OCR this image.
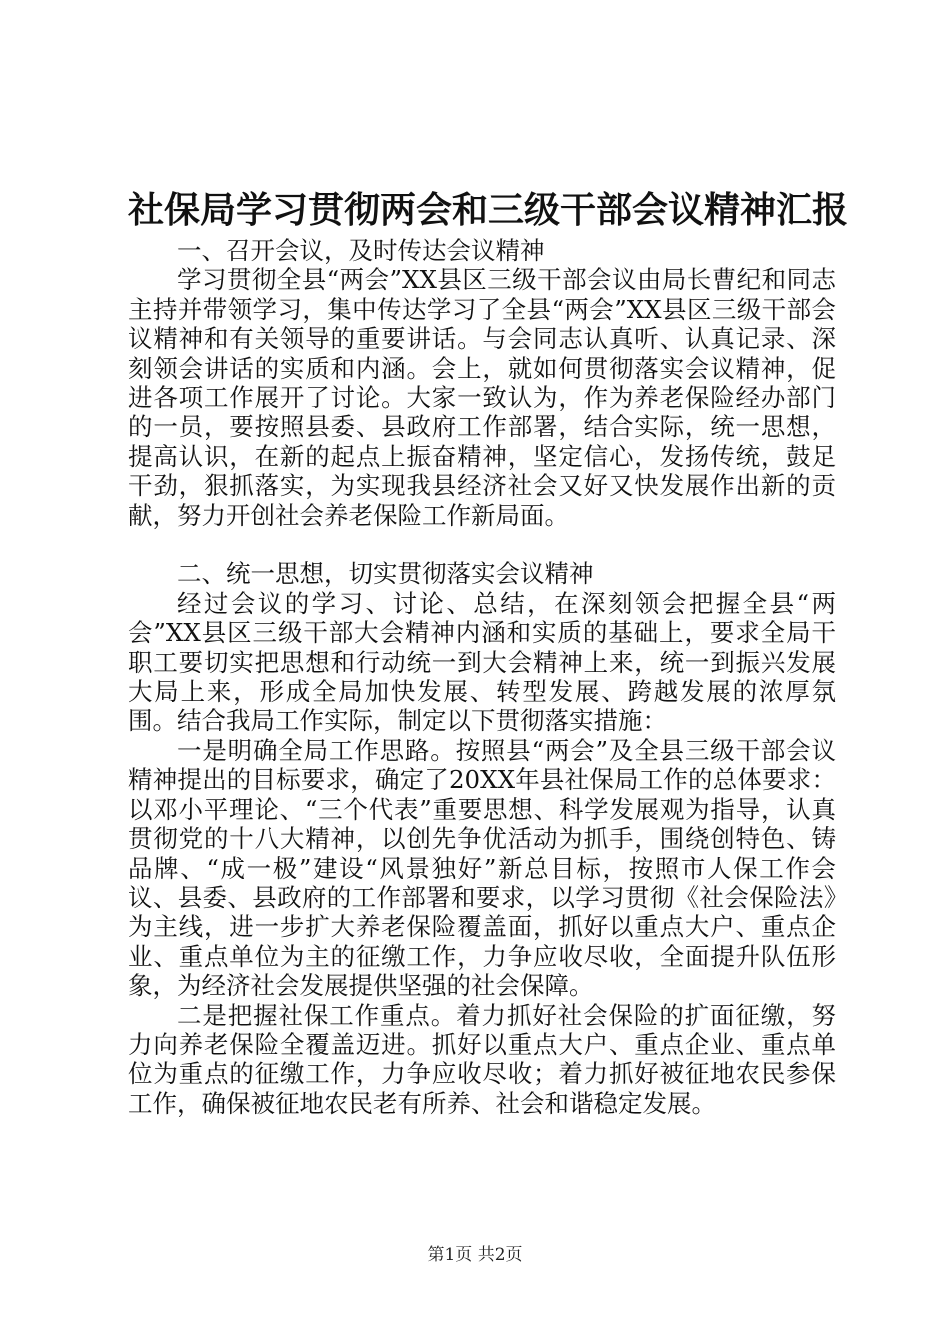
社保局学习贯彻两会和三级干部会议精神汇报

一、召开会议，及时传达会议精神

学习贯彻全县“两会”XX县区三级干部会议由局长曹纪和同志主持并带领学习，集中传达学习了全县“两会”XX县区三级干部会议精神和有关领导的重要讲话。与会同志认真听、认真记录、深刻领会讲话的实质和内涵。会上，就如何贯彻落实会议精神，促进各项工作展开了讨论。大家一致认为，作为养老保险经办部门的一员，要按照县委、县政府工作部署，结合实际，统一思想，提高认识，在新的起点上振奋精神，坚定信心，发扬传统，鼓足干劲，狠抓落实，为实现我县经济社会又好又快发展作出新的贡献，努力开创社会养老保险工作新局面。

二、统一思想，切实贯彻落实会议精神

经过会议的学习、讨论、总结，在深刻领会把握全县“两会”XX县区三级干部大会精神内涵和实质的基础上，要求全局干职工要切实把思想和行动统一到大会精神上来，统一到振兴发展大局上来，形成全局加快发展、转型发展、跨越发展的浓厚氛围。结合我局工作实际，制定以下贯彻落实措施：

一是明确全局工作思路。按照县“两会”及全县三级干部会议精神提出的目标要求，确定了20XX年县社保局工作的总体要求：以邓小平理论、“三个代表”重要思想、科学发展观为指导，认真贯彻党的十八大精神，以创先争优活动为抓手，围绕创特色、铸品牌、“成一极”建设“风景独好”新总目标，按照市人保工作会议、县委、县政府的工作部署和要求，以学习贯彻《社会保险法》为主线，进一步扩大养老保险覆盖面，抓好以重点大户、重点企业、重点单位为主的征缴工作，力争应收尽收，全面提升队伍形象，为经济社会发展提供坚强的社会保障。

二是把握社保工作重点。着力抓好社会保险的扩面征缴，努力向养老保险全覆盖迈进。抓好以重点大户、重点企业、重点单位为重点的征缴工作，力争应收尽收；着力抓好被征地农民参保工作，确保被征地农民老有所养、社会和谐稳定发展。

第1页 共2页
